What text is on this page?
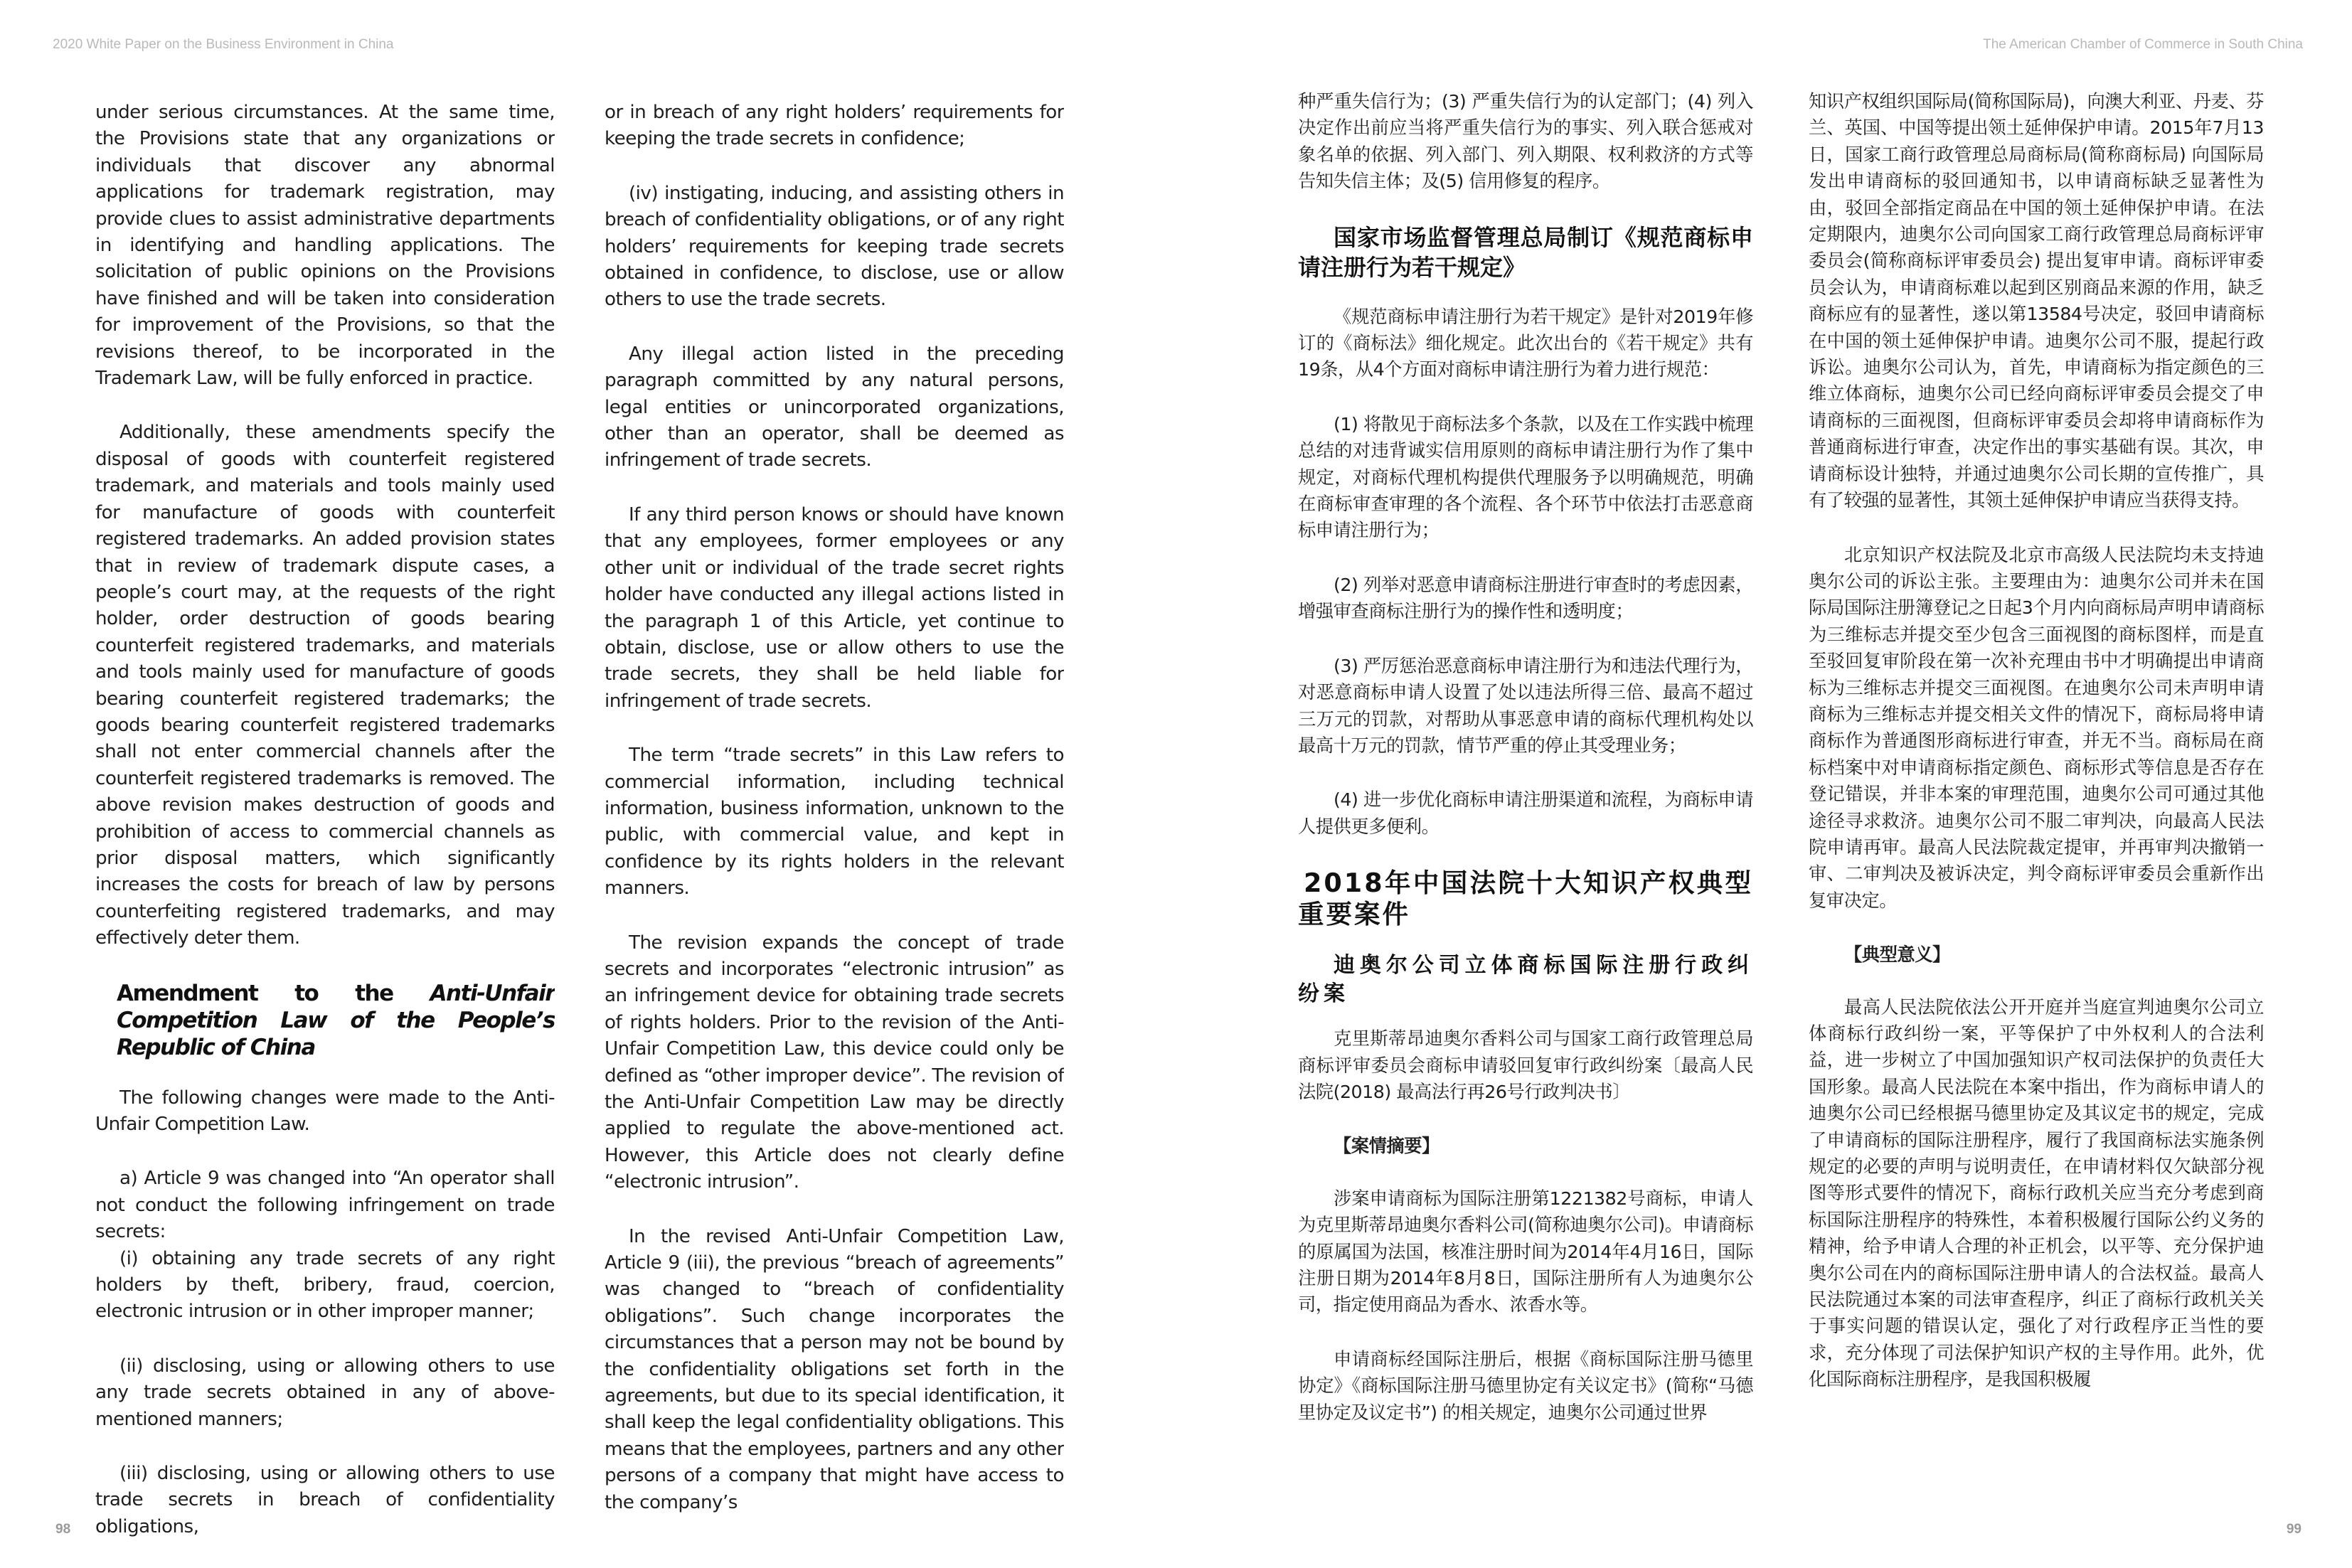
2020 White Paper on the Business Environment in China

under serious circumstances. At the same time, the Provisions state that any organizations or individuals that discover any abnormal applications for trademark registration, may provide clues to assist administrative departments in identifying and handling applications. The solicitation of public opinions on the Provisions have finished and will be taken into consideration for improvement of the Provisions, so that the revisions thereof, to be incorporated in the Trademark Law, will be fully enforced in practice.

Additionally, these amendments specify the disposal of goods with counterfeit registered trademark, and materials and tools mainly used for manufacture of goods with counterfeit registered trademarks. An added provision states that in review of trademark dispute cases, a people’s court may, at the requests of the right holder, order destruction of goods bearing counterfeit registered trademarks, and materials and tools mainly used for manufacture of goods bearing counterfeit registered trademarks; the goods bearing counterfeit registered trademarks shall not enter commercial channels after the counterfeit registered trademarks is removed. The above revision makes destruction of goods and prohibition of access to commercial channels as prior disposal matters, which significantly increases the costs for breach of law by persons counterfeiting registered trademarks, and may effectively deter them.

Amendment to the Anti-Unfair Competition Law of the People’s Republic of China

The following changes were made to the Anti-Unfair Competition Law.

a) Article 9 was changed into “An operator shall not conduct the following infringement on trade secrets:

(i) obtaining any trade secrets of any right holders by theft, bribery, fraud, coercion, electronic intrusion or in other improper manner;

(ii) disclosing, using or allowing others to use any trade secrets obtained in any of above-mentioned manners;

(iii) disclosing, using or allowing others to use trade secrets in breach of confidentiality obligations,

or in breach of any right holders’ requirements for keeping the trade secrets in confidence;

(iv) instigating, inducing, and assisting others in breach of confidentiality obligations, or of any right holders’ requirements for keeping trade secrets obtained in confidence, to disclose, use or allow others to use the trade secrets.

Any illegal action listed in the preceding paragraph committed by any natural persons, legal entities or unincorporated organizations, other than an operator, shall be deemed as infringement of trade secrets.

If any third person knows or should have known that any employees, former employees or any other unit or individual of the trade secret rights holder have conducted any illegal actions listed in the paragraph 1 of this Article, yet continue to obtain, disclose, use or allow others to use the trade secrets, they shall be held liable for infringement of trade secrets.

The term “trade secrets” in this Law refers to commercial information, including technical information, business information, unknown to the public, with commercial value, and kept in confidence by its rights holders in the relevant manners.

The revision expands the concept of trade secrets and incorporates “electronic intrusion” as an infringement device for obtaining trade secrets of rights holders. Prior to the revision of the Anti-Unfair Competition Law, this device could only be defined as “other improper device”. The revision of the Anti-Unfair Competition Law may be directly applied to regulate the above-mentioned act. However, this Article does not clearly define “electronic intrusion”.

In the revised Anti-Unfair Competition Law, Article 9 (iii), the previous “breach of agreements” was changed to “breach of confidentiality obligations”. Such change incorporates the circumstances that a person may not be bound by the confidentiality obligations set forth in the agreements, but due to its special identification, it shall keep the legal confidentiality obligations. This means that the employees, partners and any other persons of a company that might have access to the company’s

98
The American Chamber of Commerce in South China

种严重失信行为；(3) 严重失信行为的认定部门；(4) 列入决定作出前应当将严重失信行为的事实、列入联合惩戒对象名单的依据、列入部门、列入期限、权利救济的方式等告知失信主体；及(5) 信用修复的程序。

国家市场监督管理总局制订《规范商标申请注册行为若干规定》

《规范商标申请注册行为若干规定》是针对2019年修订的《商标法》细化规定。此次出台的《若干规定》共有19条，从4个方面对商标申请注册行为着力进行规范：

(1) 将散见于商标法多个条款，以及在工作实践中梳理总结的对违背诚实信用原则的商标申请注册行为作了集中规定，对商标代理机构提供代理服务予以明确规范，明确在商标审查审理的各个流程、各个环节中依法打击恶意商标申请注册行为；

(2) 列举对恶意申请商标注册进行审查时的考虑因素，增强审查商标注册行为的操作性和透明度；

(3) 严厉惩治恶意商标申请注册行为和违法代理行为，对恶意商标申请人设置了处以违法所得三倍、最高不超过三万元的罚款，对帮助从事恶意申请的商标代理机构处以最高十万元的罚款，情节严重的停止其受理业务；

(4) 进一步优化商标申请注册渠道和流程，为商标申请人提供更多便利。

2018年中国法院十大知识产权典型重要案件
迪奥尔公司立体商标国际注册行政纠纷案

克里斯蒂昂迪奥尔香料公司与国家工商行政管理总局商标评审委员会商标申请驳回复审行政纠纷案〔最高人民法院(2018) 最高法行再26号行政判决书〕

【案情摘要】

涉案申请商标为国际注册第1221382号商标，申请人为克里斯蒂昂迪奥尔香料公司(简称迪奥尔公司)。申请商标的原属国为法国，核准注册时间为2014年4月16日，国际注册日期为2014年8月8日，国际注册所有人为迪奥尔公司，指定使用商品为香水、浓香水等。

申请商标经国际注册后，根据《商标国际注册马德里协定》《商标国际注册马德里协定有关议定书》(简称“马德里协定及议定书”) 的相关规定，迪奥尔公司通过世界

知识产权组织国际局(简称国际局)，向澳大利亚、丹麦、芬兰、英国、中国等提出领土延伸保护申请。2015年7月13日，国家工商行政管理总局商标局(简称商标局) 向国际局发出申请商标的驳回通知书，以申请商标缺乏显著性为由，驳回全部指定商品在中国的领土延伸保护申请。在法定期限内，迪奥尔公司向国家工商行政管理总局商标评审委员会(简称商标评审委员会) 提出复审申请。商标评审委员会认为，申请商标难以起到区别商品来源的作用，缺乏商标应有的显著性，遂以第13584号决定，驳回申请商标在中国的领土延伸保护申请。迪奥尔公司不服，提起行政诉讼。迪奥尔公司认为，首先，申请商标为指定颜色的三维立体商标，迪奥尔公司已经向商标评审委员会提交了申请商标的三面视图，但商标评审委员会却将申请商标作为普通商标进行审查，决定作出的事实基础有误。其次，申请商标设计独特，并通过迪奥尔公司长期的宣传推广，具有了较强的显著性，其领土延伸保护申请应当获得支持。

北京知识产权法院及北京市高级人民法院均未支持迪奥尔公司的诉讼主张。主要理由为：迪奥尔公司并未在国际局国际注册簿登记之日起3个月内向商标局声明申请商标为三维标志并提交至少包含三面视图的商标图样，而是直至驳回复审阶段在第一次补充理由书中才明确提出申请商标为三维标志并提交三面视图。在迪奥尔公司未声明申请商标为三维标志并提交相关文件的情况下，商标局将申请商标作为普通图形商标进行审查，并无不当。商标局在商标档案中对申请商标指定颜色、商标形式等信息是否存在登记错误，并非本案的审理范围，迪奥尔公司可通过其他途径寻求救济。迪奥尔公司不服二审判决，向最高人民法院申请再审。最高人民法院裁定提审，并再审判决撤销一审、二审判决及被诉决定，判令商标评审委员会重新作出复审决定。

【典型意义】

最高人民法院依法公开开庭并当庭宣判迪奥尔公司立体商标行政纠纷一案，平等保护了中外权利人的合法利益，进一步树立了中国加强知识产权司法保护的负责任大国形象。最高人民法院在本案中指出，作为商标申请人的迪奥尔公司已经根据马德里协定及其议定书的规定，完成了申请商标的国际注册程序，履行了我国商标法实施条例规定的必要的声明与说明责任，在申请材料仅欠缺部分视图等形式要件的情况下，商标行政机关应当充分考虑到商标国际注册程序的特殊性，本着积极履行国际公约义务的精神，给予申请人合理的补正机会，以平等、充分保护迪奥尔公司在内的商标国际注册申请人的合法权益。最高人民法院通过本案的司法审查程序，纠正了商标行政机关关于事实问题的错误认定，强化了对行政程序正当性的要求，充分体现了司法保护知识产权的主导作用。此外，优化国际商标注册程序，是我国积极履

99
